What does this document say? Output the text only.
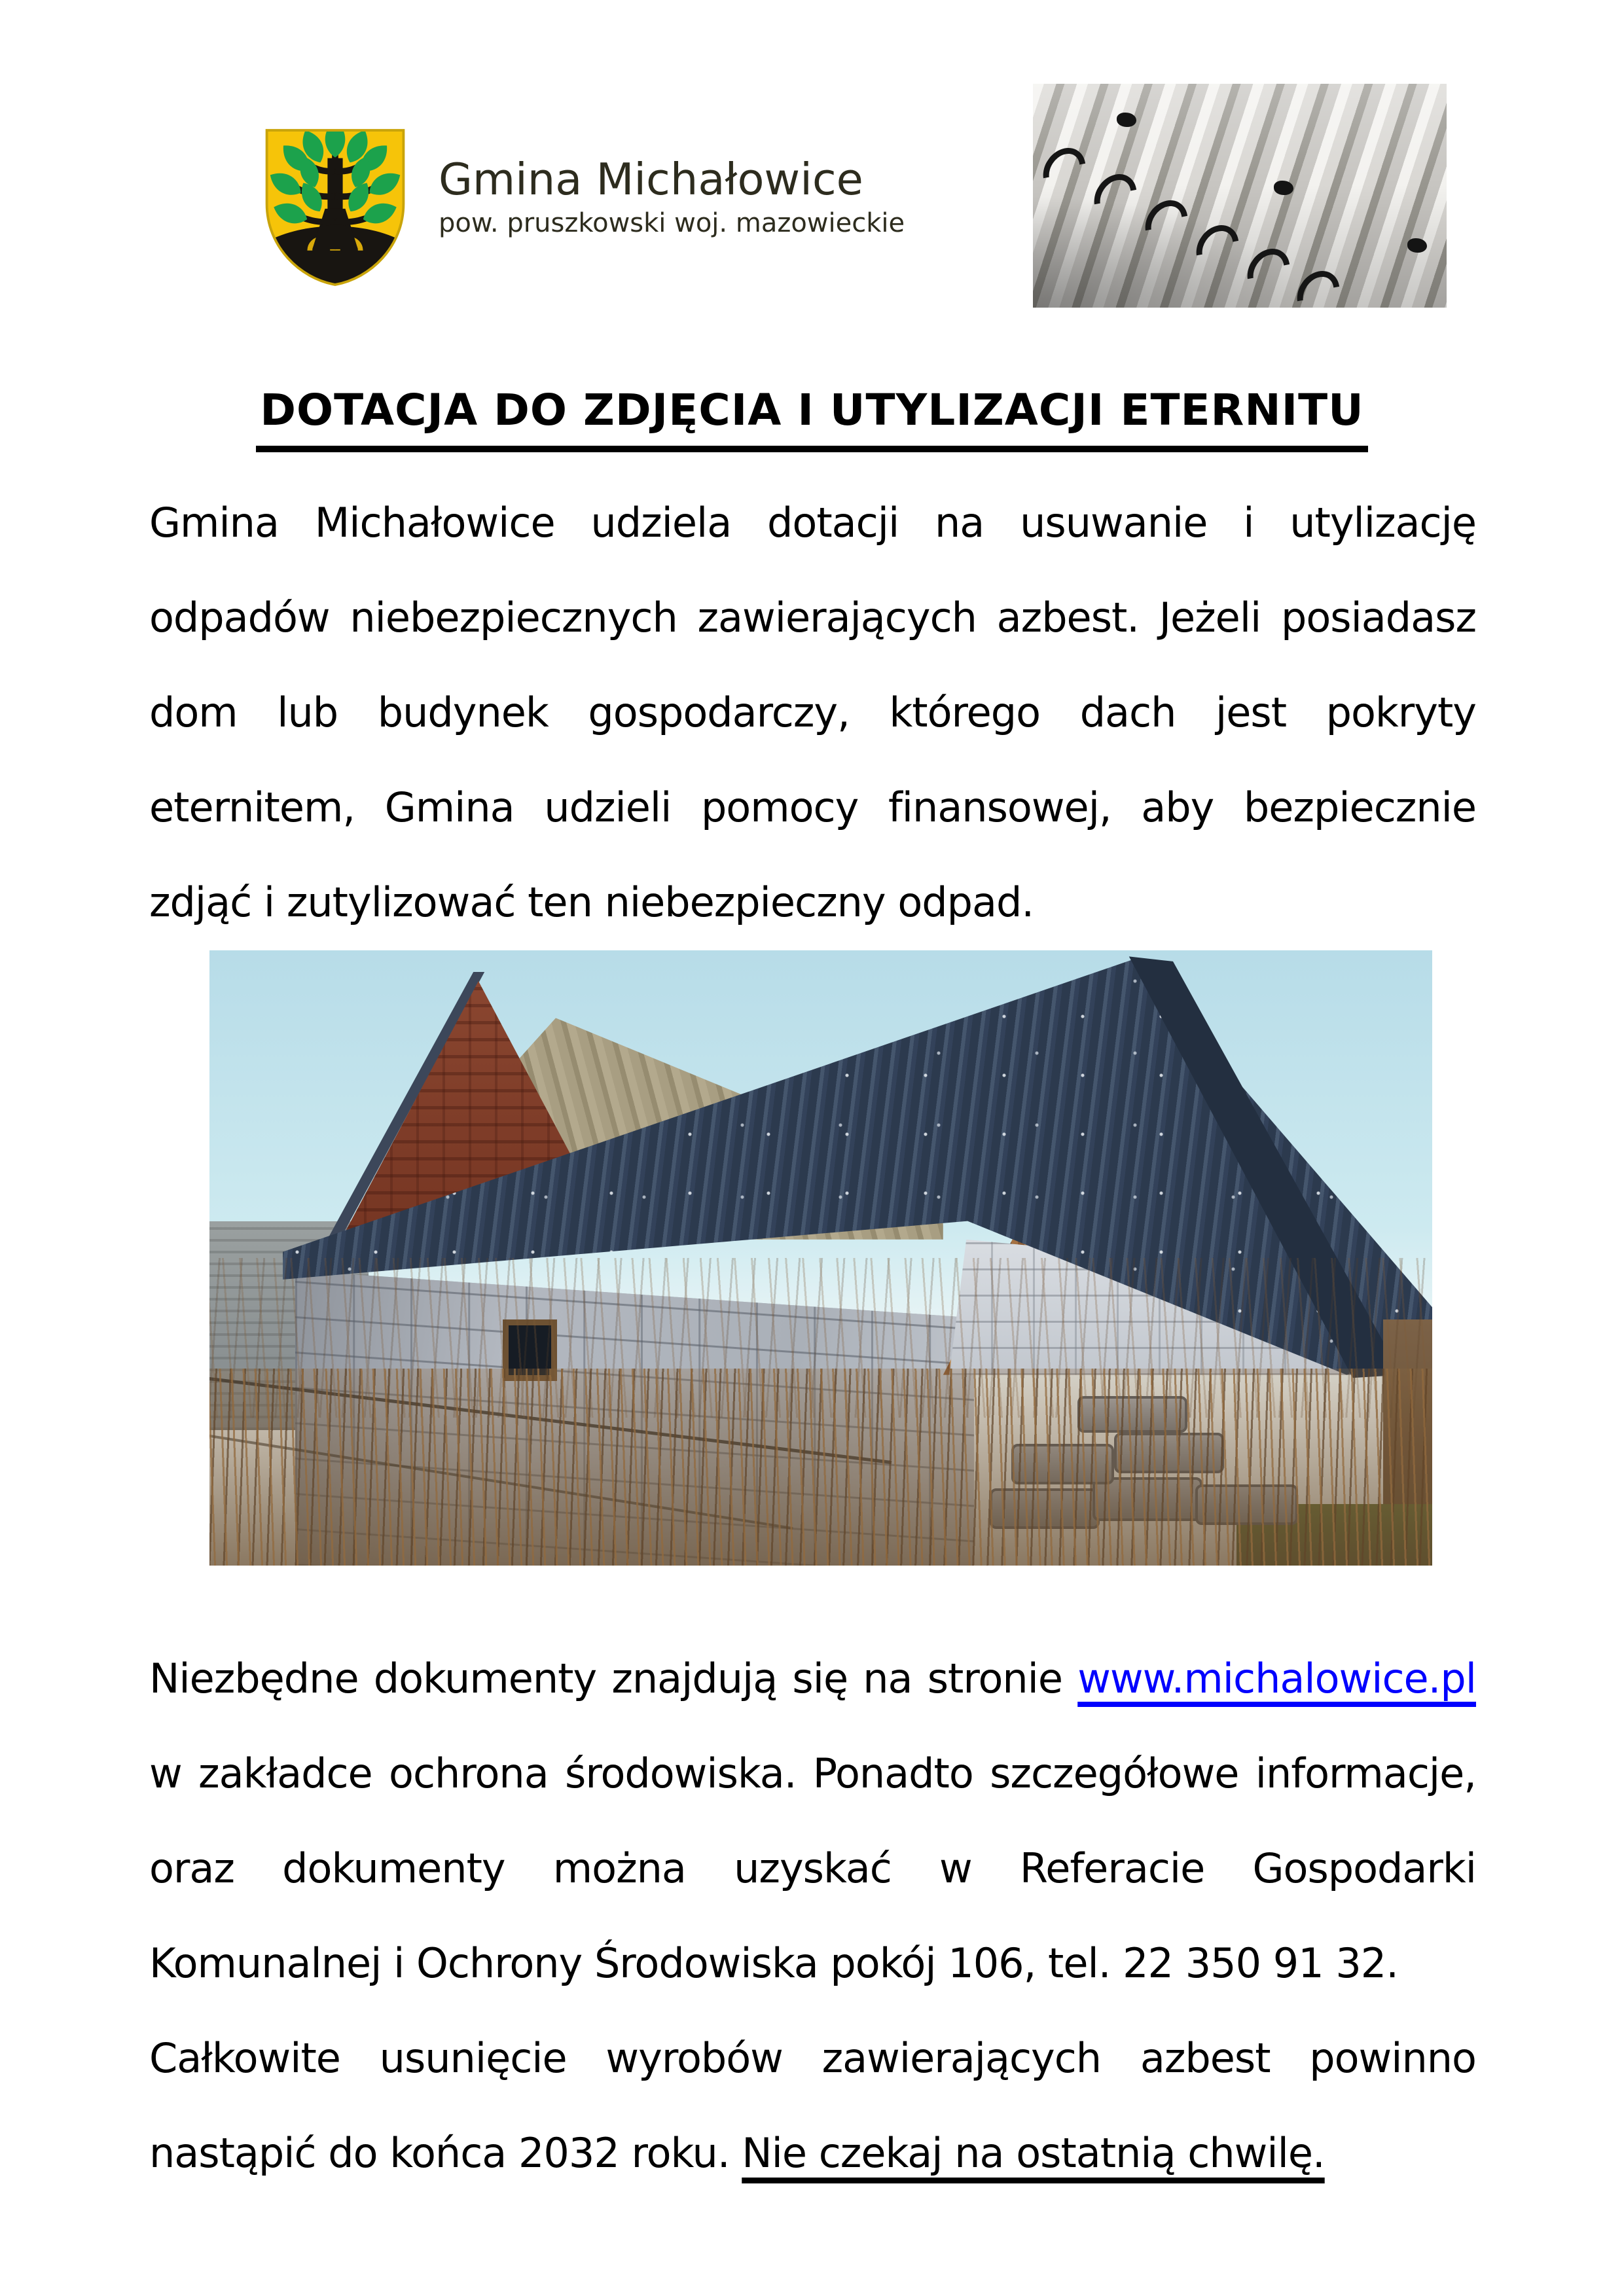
Gmina Michałowice
pow. pruszkowski woj. mazowieckie
DOTACJA DO ZDJĘCIA I UTYLIZACJI ETERNITU
Gmina Michałowice udziela dotacji na usuwanie i utylizację
odpadów niebezpiecznych zawierających azbest. Jeżeli posiadasz
dom lub budynek gospodarczy, którego dach jest pokryty
eternitem, Gmina udzieli pomocy finansowej, aby bezpiecznie
zdjąć i zutylizować ten niebezpieczny odpad.
Niezbędne dokumenty znajdują się na stronie www.michalowice.pl
w zakładce ochrona środowiska. Ponadto szczegółowe informacje,
oraz dokumenty można uzyskać w Referacie Gospodarki
Komunalnej i Ochrony Środowiska pokój 106, tel. 22 350 91 32.
Całkowite usunięcie wyrobów zawierających azbest powinno
nastąpić do końca 2032 roku. Nie czekaj na ostatnią chwilę.
